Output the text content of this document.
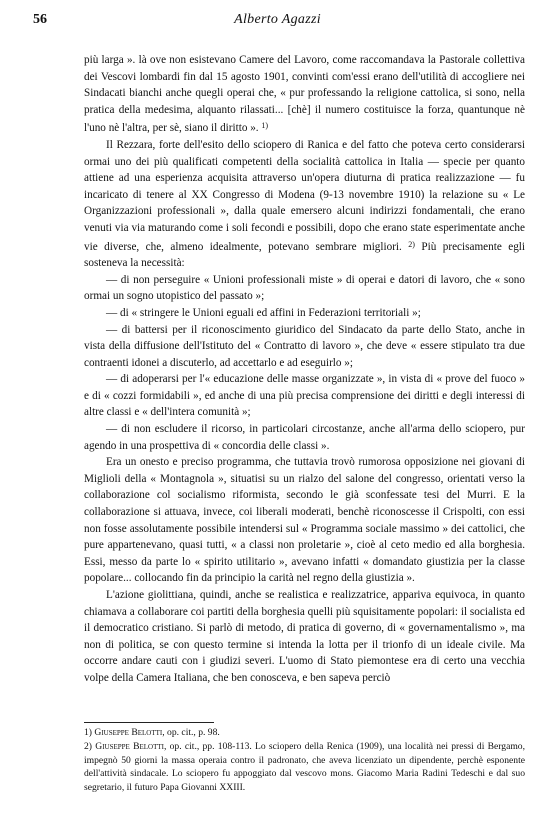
56	Alberto Agazzi

più larga ». là ove non esistevano Camere del Lavoro, come raccomandava la Pastorale collettiva dei Vescovi lombardi fin dal 15 agosto 1901, convinti com'essi erano dell'utilità di accogliere nei Sindacati bianchi anche quegli operai che, « pur professando la religione cattolica, si sono, nella pratica della medesima, alquanto rilassati... [chè] il numero costituisce la forza, quantunque nè l'uno nè l'altra, per sè, siano il diritto ». $^{1)}$

Il Rezzara, forte dell'esito dello sciopero di Ranica e del fatto che poteva certo considerarsi ormai uno dei più qualificati competenti della socialità cattolica in Italia — specie per quanto attiene ad una esperienza acquisita attraverso un'opera diuturna di pratica realizzazione — fu incaricato di tenere al XX Congresso di Modena (9-13 novembre 1910) la relazione su « Le Organizzazioni professionali », dalla quale emersero alcuni indirizzi fondamentali, che erano venuti via via maturando come i soli fecondi e possibili, dopo che erano state esperimentate anche vie diverse, che, almeno idealmente, potevano sembrare migliori. $^{2)}$ Più precisamente egli sosteneva la necessità:

— di non perseguire « Unioni professionali miste » di operai e datori di lavoro, che « sono ormai un sogno utopistico del passato »;

— di « stringere le Unioni eguali ed affini in Federazioni territoriali »;

— di battersi per il riconoscimento giuridico del Sindacato da parte dello Stato, anche in vista della diffusione dell'Istituto del « Contratto di lavoro », che deve « essere stipulato tra due contraenti idonei a discuterlo, ad accettarlo e ad eseguirlo »;

— di adoperarsi per l'« educazione delle masse organizzate », in vista di « prove del fuoco » e di « cozzi formidabili », ed anche di una più precisa comprensione dei diritti e degli interessi di altre classi e « dell'intera comunità »;

— di non escludere il ricorso, in particolari circostanze, anche all'arma dello sciopero, pur agendo in una prospettiva di « concordia delle classi ».

Era un onesto e preciso programma, che tuttavia trovò rumorosa opposizione nei giovani di Miglioli della « Montagnola », situatisi su un rialzo del salone del congresso, orientati verso la collaborazione col socialismo riformista, secondo le già sconfessate tesi del Murri. E la collaborazione si attuava, invece, coi liberali moderati, benchè riconoscesse il Crispolti, con essi non fosse assolutamente possibile intendersi sul « Programma sociale massimo » dei cattolici, che pure appartenevano, quasi tutti, « a classi non proletarie », cioè al ceto medio ed alla borghesia. Essi, messo da parte lo « spirito utilitario », avevano infatti « domandato giustizia per la classe popolare... collocando fin da principio la carità nel regno della giustizia ».

L'azione giolittiana, quindi, anche se realistica e realizzatrice, appariva equivoca, in quanto chiamava a collaborare coi partiti della borghesia quelli più squisitamente popolari: il socialista ed il democratico cristiano. Si parlò di metodo, di pratica di governo, di « governamentalismo », ma non di politica, se con questo termine si intenda la lotta per il trionfo di un ideale civile. Ma occorre andare cauti con i giudizi severi. L'uomo di Stato piemontese era di certo una vecchia volpe della Camera Italiana, che ben conosceva, e ben sapeva perciò

1) Giuseppe Belotti, op. cit., p. 98.

2) Giuseppe Belotti, op. cit., pp. 108-113. Lo sciopero della Renica (1909), una località nei pressi di Bergamo, impegnò 50 giorni la massa operaia contro il padronato, che aveva licenziato un dipendente, perchè esponente dell'attività sindacale. Lo sciopero fu appoggiato dal vescovo mons. Giacomo Maria Radini Tedeschi e dal suo segretario, il futuro Papa Giovanni XXIII.
